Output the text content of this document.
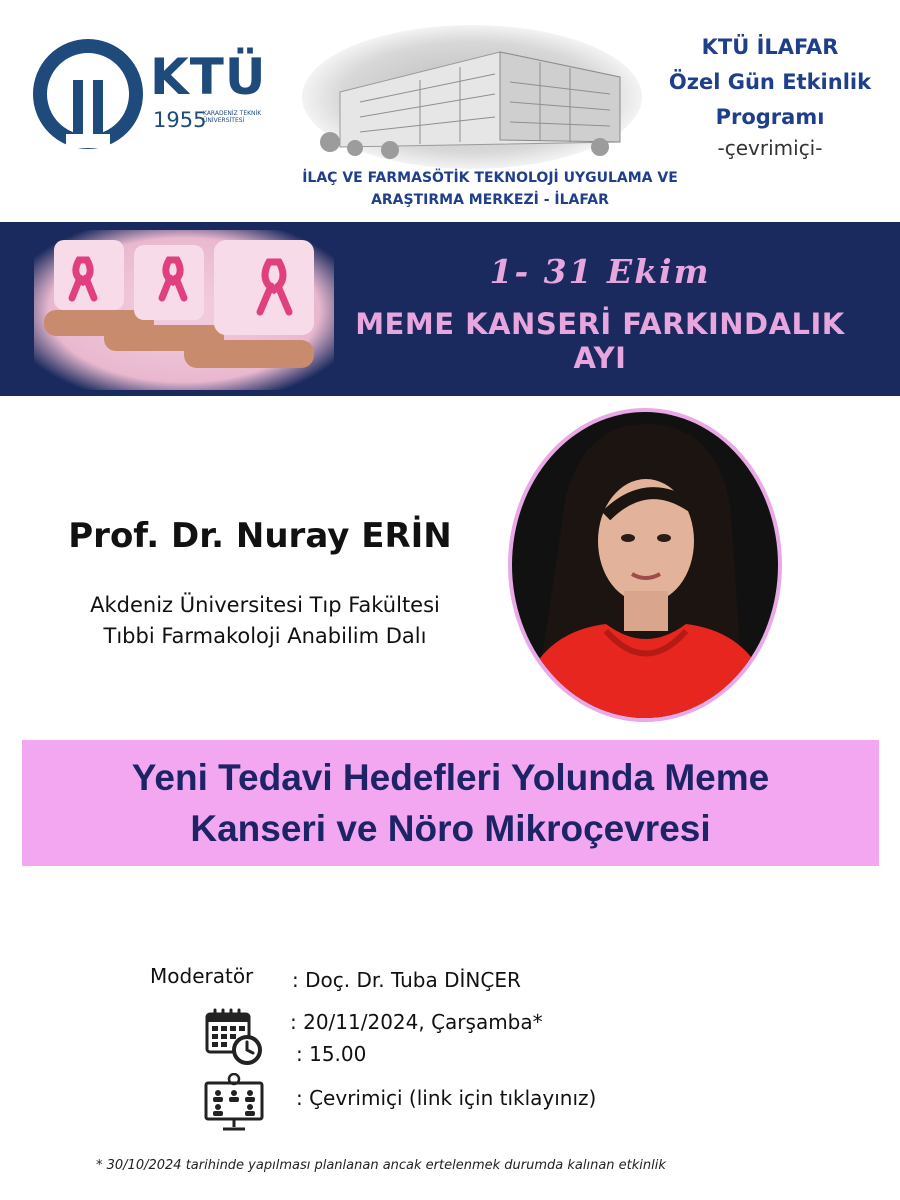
KTÜ
1955
KARADENİZ TEKNİK ÜNİVERSİTESİ
İLAÇ VE FARMASÖTİK TEKNOLOJİ UYGULAMA VE
ARAŞTIRMA MERKEZİ - İLAFAR
KTÜ İLAFAR
Özel Gün Etkinlik
Programı
-çevrimiçi-
1- 31 Ekim
MEME KANSERİ FARKINDALIK AYI
Prof. Dr. Nuray ERİN
Akdeniz Üniversitesi Tıp Fakültesi
Tıbbi Farmakoloji Anabilim Dalı
Yeni Tedavi Hedefleri Yolunda Meme
Kanseri ve Nöro Mikroçevresi
Moderatör : Doç. Dr. Tuba DİNÇER
: 20/11/2024, Çarşamba*
: 15.00
: Çevrimiçi (link için tıklayınız)
* 30/10/2024 tarihinde yapılması planlanan ancak ertelenmek durumda kalınan etkinlik
